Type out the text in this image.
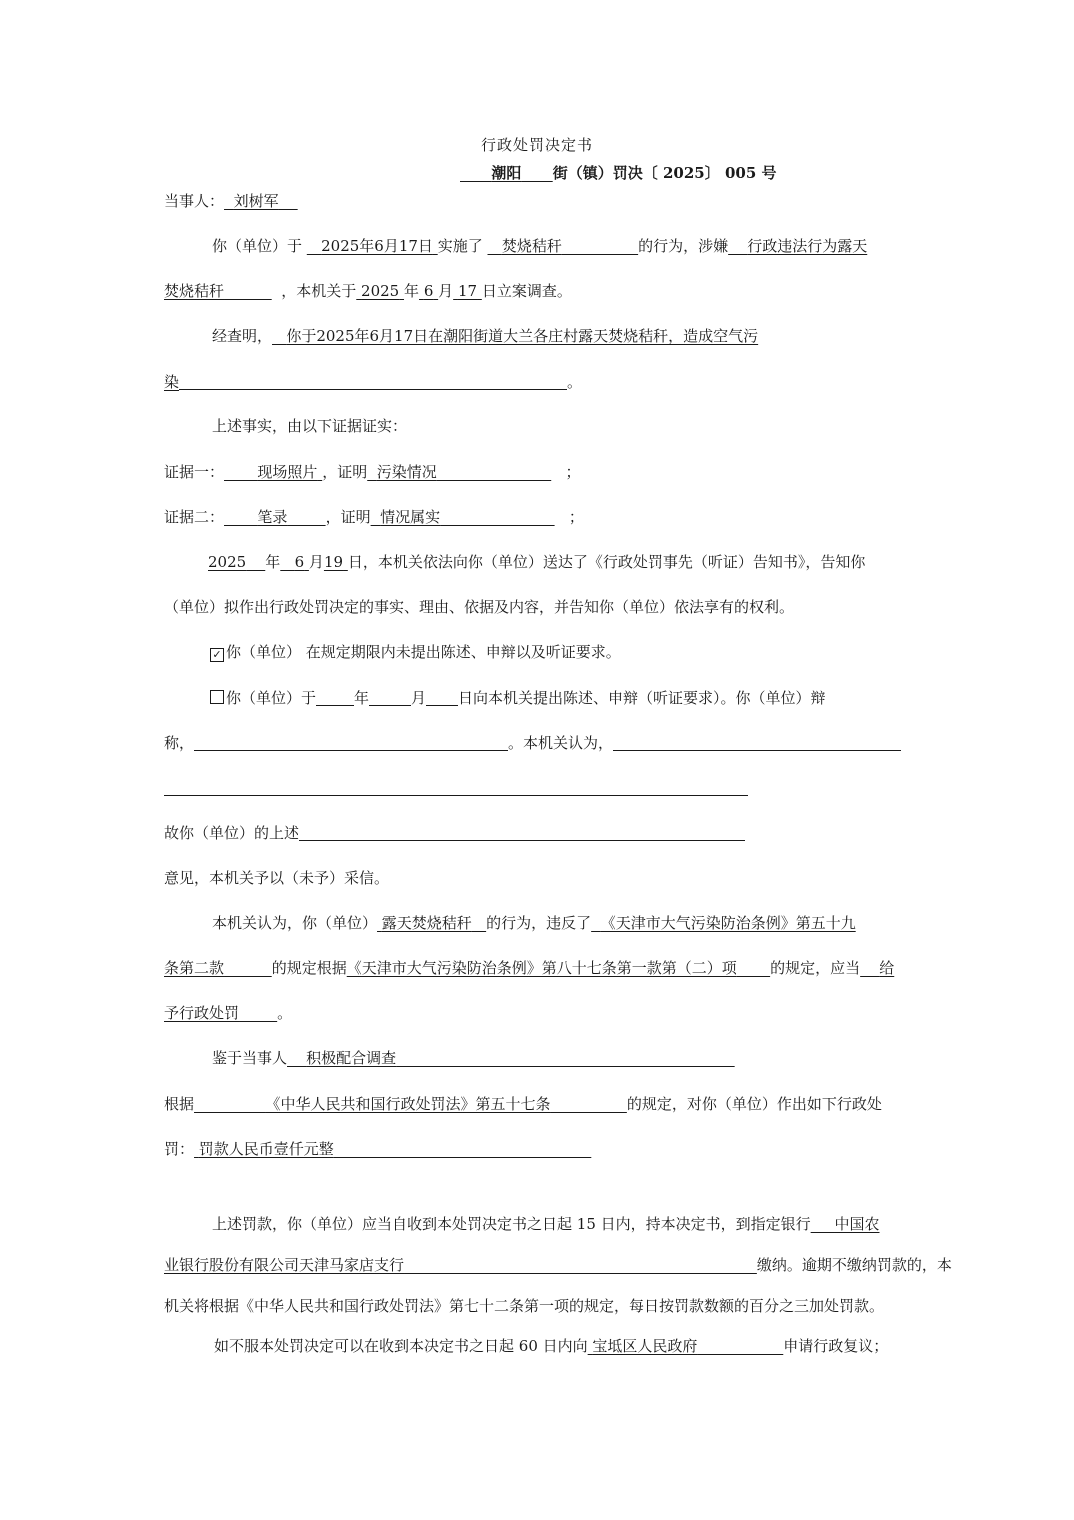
行政处罚决定书
潮阳 街（镇）罚决〔 2025〕 005 号
当事人： 刘树军
你（单位）于 2025年6月17日 实施了 焚烧秸秆	的行为，涉嫌 行政违法行为露天
焚烧秸秆	，本机关于 2025 年 6 月 17 日立案调查。
经查明， 你于2025年6月17日在潮阳街道大兰各庄村露天焚烧秸秆，造成空气污
染	。
上述事实，由以下证据证实：
证据一： 现场照片 ，证明 污染情况	；
证据二： 笔录	，证明 情况属实	；
2025 年 6 月19 日，本机关依法向你（单位）送达了《行政处罚事先（听证）告知书》，告知你
（单位）拟作出行政处罚决定的事实、理由、依据及内容，并告知你（单位）依法享有的权利。
✓ 你（单位） 在规定期限内未提出陈述、申辩以及听证要求。
你（单位）于	年	月 日向本机关提出陈述、申辩（听证要求）。你（单位）辩
称，	。本机关认为，
故你（单位）的上述
意见，本机关予以（未予）采信。
本机关认为，你（单位） 露天焚烧秸秆 的行为，违反了 《天津市大气污染防治条例》第五十九
条第二款	的规定根据《天津市大气污染防治条例》第八十七条第一款第（二）项 的规定，应当 给
予行政处罚	。
鉴于当事人 积极配合调查
根据	《中华人民共和国行政处罚法》第五十七条	的规定，对你（单位）作出如下行政处
罚： 罚款人民币壹仟元整
上述罚款，你（单位）应当自收到本处罚决定书之日起 15 日内，持本决定书，到指定银行 中国农
业银行股份有限公司天津马家店支行	缴纳。逾期不缴纳罚款的，本
机关将根据《中华人民共和国行政处罚法》第七十二条第一项的规定，每日按罚款数额的百分之三加处罚款。
如不服本处罚决定可以在收到本决定书之日起 60 日内向 宝坻区人民政府	申请行政复议；
